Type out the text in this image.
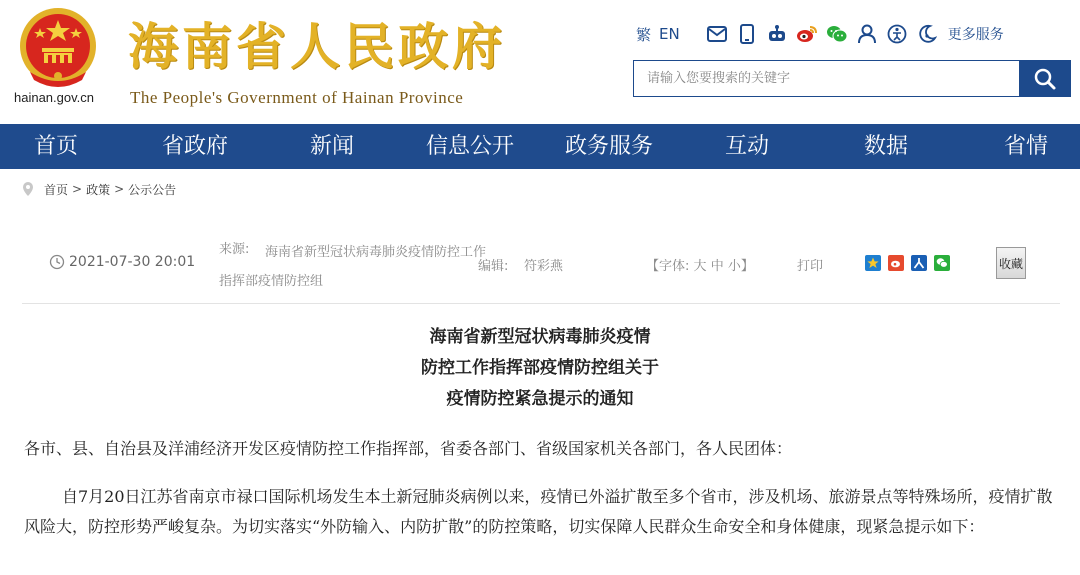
hainan.gov.cn
海南省人民政府
The People's Government of Hainan Province
繁 EN	更多服务
请输入您要搜索的关键字
首页	省政府	新闻	信息公开 政务服务	互动	数据	省情
首页 > 政策 > 公示公告
2021-07-30 20:01
来源:	海南省新型冠状病毒肺炎疫情防控工作指挥部疫情防控组
编辑: 符彩燕	【字体: 大 中 小】	打印	收藏
海南省新型冠状病毒肺炎疫情
防控工作指挥部疫情防控组关于
疫情防控紧急提示的通知
各市、县、自治县及洋浦经济开发区疫情防控工作指挥部，省委各部门、省级国家机关各部门，各人民团体：
自7月20日江苏省南京市禄口国际机场发生本土新冠肺炎病例以来，疫情已外溢扩散至多个省市，涉及机场、旅游景点等特殊场所，疫情扩散风险大，防控形势严峻复杂。为切实落实“外防输入、内防扩散”的防控策略，切实保障人民群众生命安全和身体健康，现紧急提示如下：
